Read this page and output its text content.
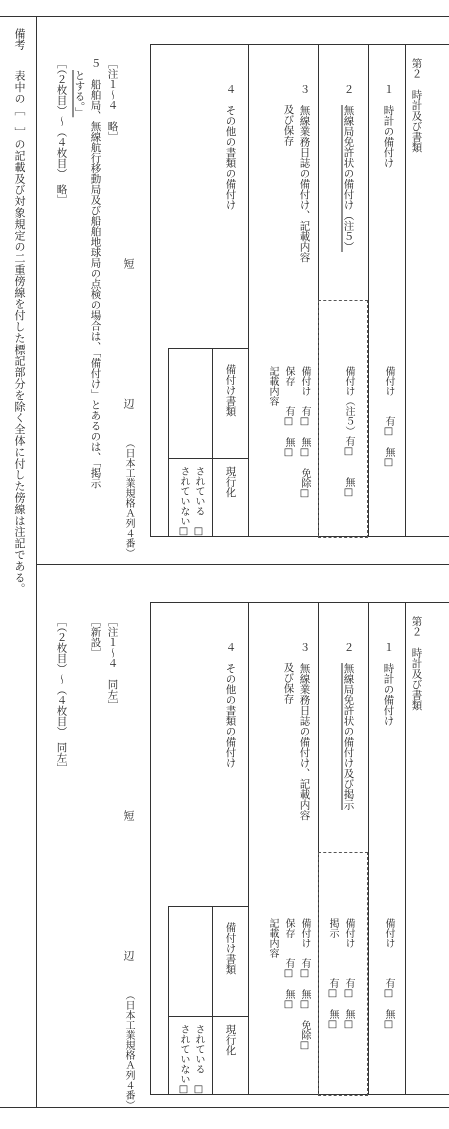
備考
表中の［　］の記載及び対象規定の二重傍線を付した標記部分を除く全体に付した傍線は注記である。	第２　時計及び書類
１　時計の備付け
備付け　　有□　無□
２　無線局免許状の備付け（注５）
備付け（注５）有□　　無□
３　無線業務日誌の備付け、記載内容
及び保存
備付け　有□　無□　免除□
保存　　有□　無□
記載内容
４　その他の書類の備付け
備付け書類
現行化
されている　□
されていない□
短
辺
（日本工業規格Ａ列４番）
［注１～４　略］
５　船舶局、無線航行移動局及び船舶地球局の点検の場合は、「備付け」とあるのは、「掲示
とする。」
［（２枚目）～（４枚目）　略］
第２　時計及び書類
１　時計の備付け
備付け　　　有□　無□
２　無線局免許状の備付け及び掲示
備付け　　　有□　無□
掲示　　　　有□　無□
３　無線業務日誌の備付け、記載内容
及び保存
備付け　有□　無□　免除□
保存　　有□　無□
記載内容
４　その他の書類の備付け
備付け書類
現行化
されている　□
されていない□
短
辺
（日本工業規格Ａ列４番）
［注１～４　同左］
［新設］
［（２枚目）～（４枚目）　同左］
